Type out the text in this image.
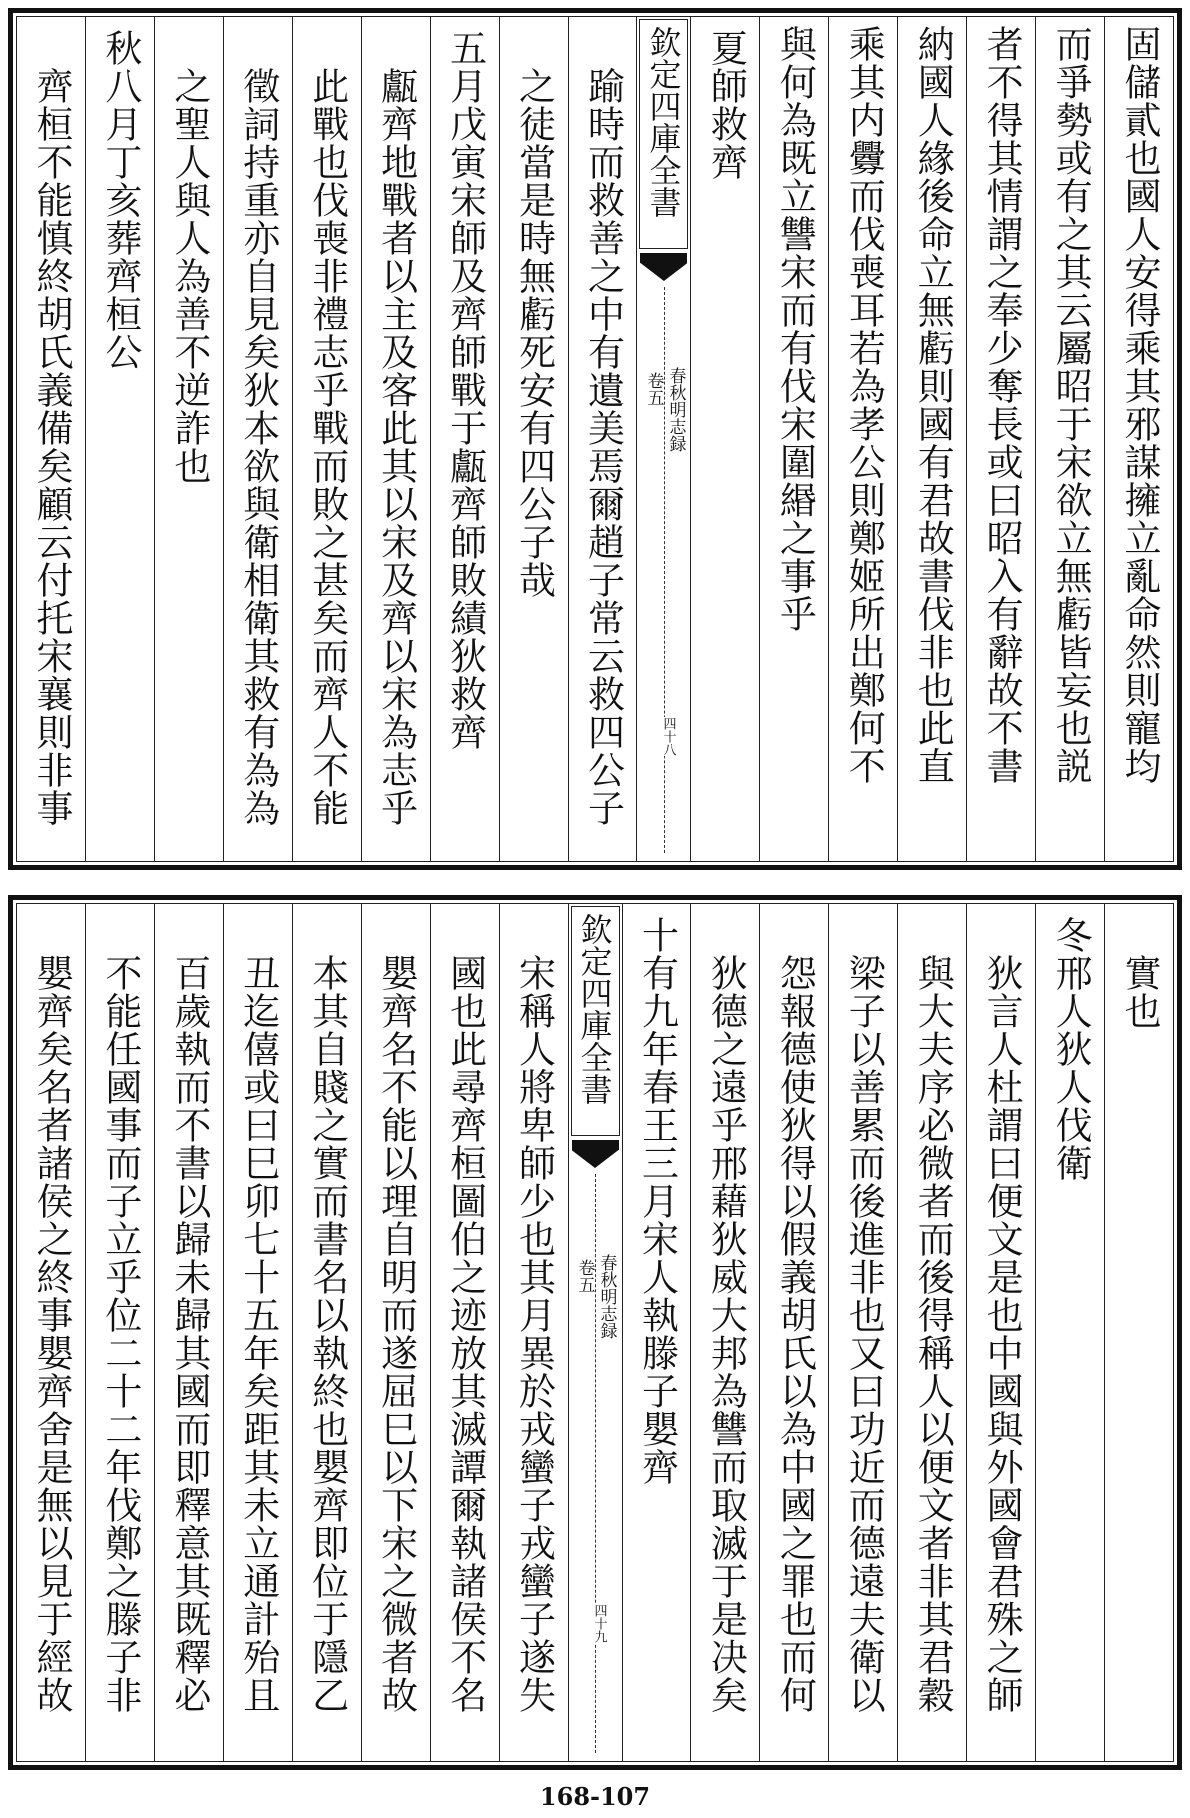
固儲貳也國人安得乘其邪謀擁立亂命然則寵均
而爭勢或有之其云屬昭于宋欲立無虧皆妄也説
者不得其情謂之奉少奪長或曰昭入有辭故不書
納國人緣後命立無虧則國有君故書伐非也此直
乘其内釁而伐喪耳若為孝公則鄭姬所出鄭何不
與何為既立讐宋而有伐宋圍緡之事乎
夏師救齊
欽定四庫全書
春秋明志録
卷五
四十八
踰時而救善之中有遺美焉爾趙子常云救四公子
之徒當是時無虧死安有四公子哉
五月戊寅宋師及齊師戰于甗齊師敗績狄救齊
甗齊地戰者以主及客此其以宋及齊以宋為志乎
此戰也伐喪非禮志乎戰而敗之甚矣而齊人不能
徵詞持重亦自見矣狄本欲與衛相衛其救有為為
之聖人與人為善不逆詐也
秋八月丁亥葬齊桓公
齊桓不能慎終胡氏義備矣顧云付托宋襄則非事
實也
冬邢人狄人伐衛
狄言人杜謂曰便文是也中國與外國會君殊之師
與大夫序必微者而後得稱人以便文者非其君穀
梁子以善累而後進非也又曰功近而德遠夫衛以
怨報德使狄得以假義胡氏以為中國之罪也而何
狄德之遠乎邢藉狄威大邦為讐而取滅于是决矣
十有九年春王三月宋人執滕子嬰齊
欽定四庫全書
春秋明志録
卷五
四十九
宋稱人將卑師少也其月異於戎蠻子戎蠻子遂失
國也此尋齊桓圖伯之迹放其滅譚爾執諸侯不名
嬰齊名不能以理自明而遂屈巳以下宋之微者故
本其自賤之實而書名以執終也嬰齊即位于隱乙
丑迄僖或曰巳卯七十五年矣距其未立通計殆且
百歲執而不書以歸未歸其國而即釋意其既釋必
不能任國事而子立乎位二十二年伐鄭之滕子非
嬰齊矣名者諸侯之終事嬰齊舍是無以見于經故
168-107
